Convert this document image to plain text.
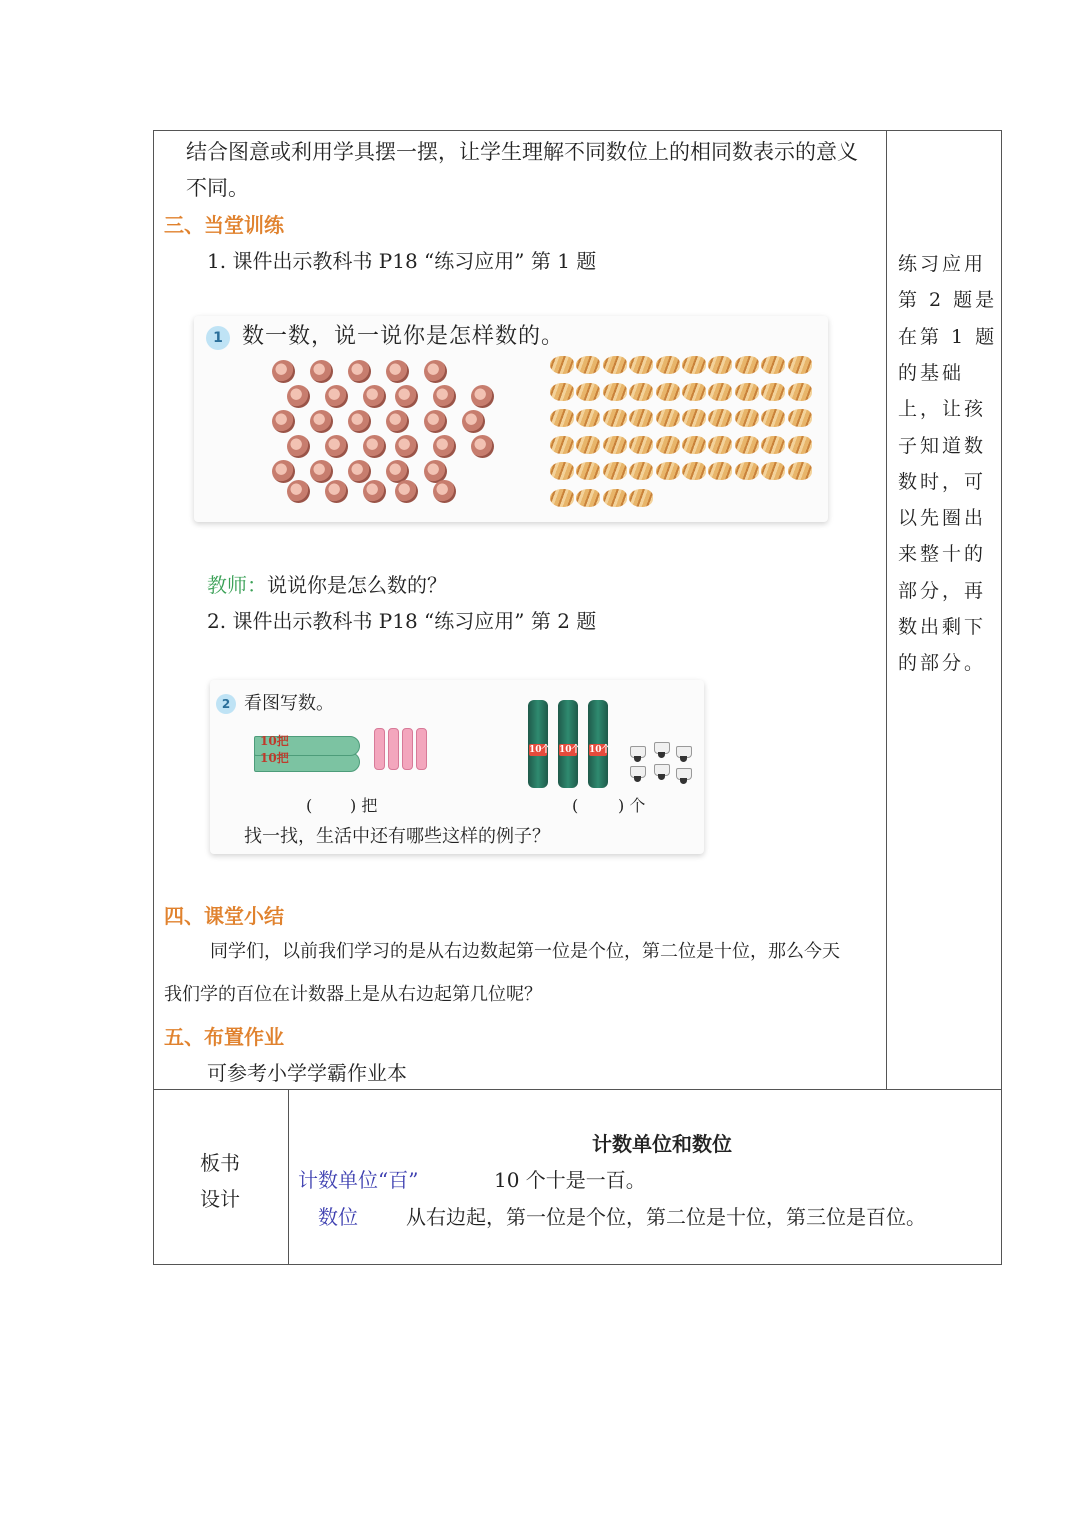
结合图意或利用学具摆一摆，让学生理解不同数位上的相同数表示的意义
不同。
三、当堂训练
1. 课件出示教科书 P18 “练习应用” 第 1 题
1 数一数，说一说你是怎样数的。
教师：说说你是怎么数的？
2. 课件出示教科书 P18 “练习应用” 第 2 题
2 看图写数。
10把
10把
10个 10个 10个
( ) 把	( ) 个
找一找，生活中还有哪些这样的例子？
四、课堂小结
同学们，以前我们学习的是从右边数起第一位是个位，第二位是十位，那么今天
我们学的百位在计数器上是从右边起第几位呢？
五、布置作业
可参考小学学霸作业本
练习应用
第 2 题是
在第 1 题
的基础
上，让孩
子知道数
数时，可
以先圈出
来整十的
部分，再
数出剩下
的部分。
板书
设计
计数单位和数位
计数单位“百”	10 个十是一百。
数位 从右边起，第一位是个位，第二位是十位，第三位是百位。
